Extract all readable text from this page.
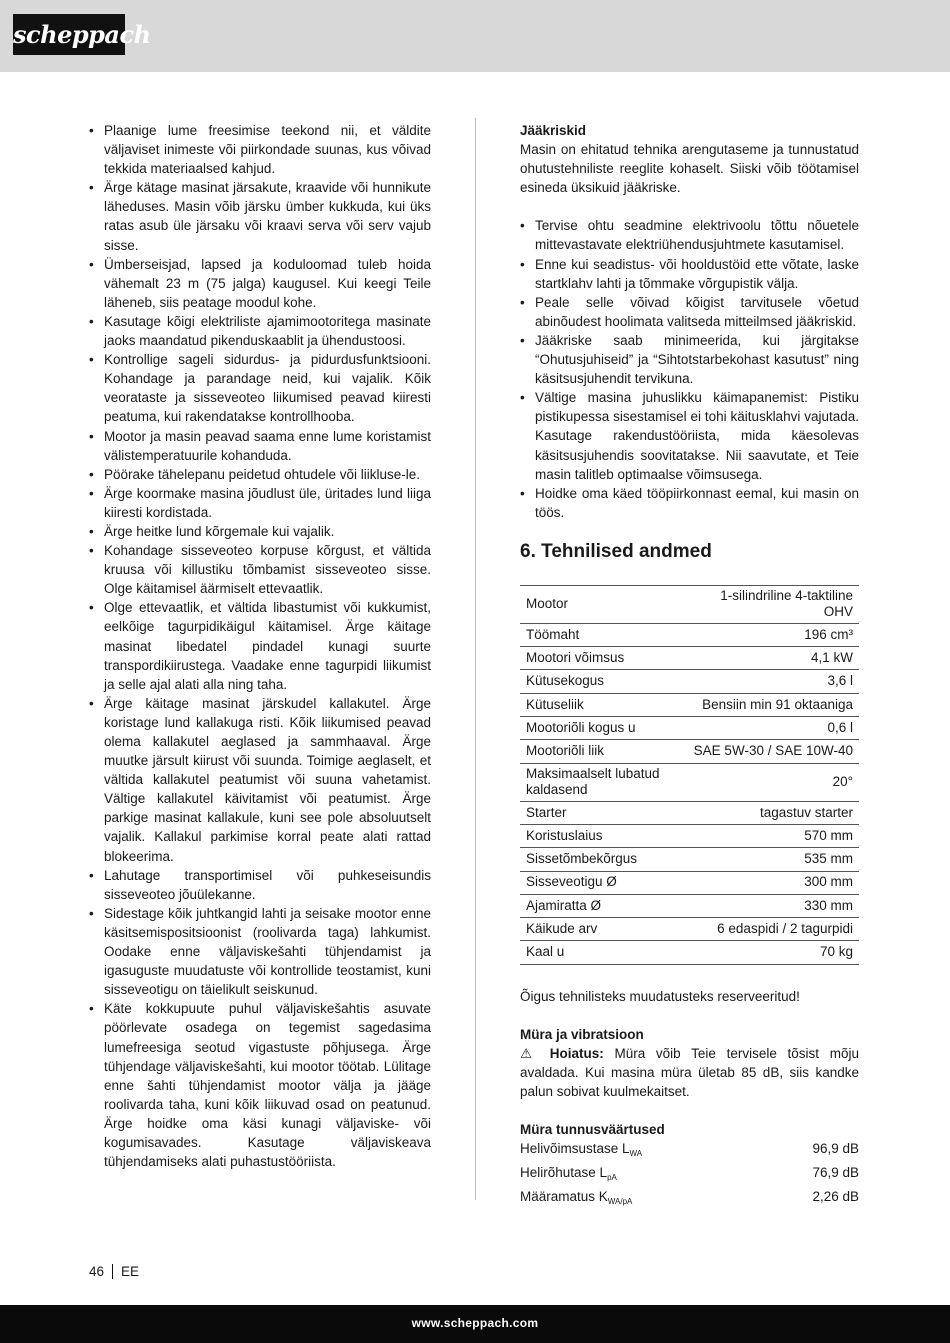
scheppach
• Plaanige lume freesimise teekond nii, et väldite väljaviset inimeste või piirkondade suunas, kus võivad tekkida materiaalsed kahjud.
• Ärge kätage masinat järsakute, kraavide või hunnikute läheduses. Masin võib järsku ümber kukkuda, kui üks ratas asub üle järsaku või kraavi serva või serv vajub sisse.
• Ümberseisjad, lapsed ja koduloomad tuleb hoida vähemalt 23 m (75 jalga) kaugusel. Kui keegi Teile läheneb, siis peatage moodul kohe.
• Kasutage kõigi elektriliste ajamimootoritega masinate jaoks maandatud pikenduskaablit ja ühendustoosi.
• Kontrollige sageli sidurdus- ja pidurdusfunktsiooni. Kohandage ja parandage neid, kui vajalik. Kõik veorataste ja sisseveoteo liikumised peavad kiiresti peatuma, kui rakendatakse kontrollhooba.
• Mootor ja masin peavad saama enne lume koristamist välistemperatuurile kohanduda.
• Pöörake tähelepanu peidetud ohtudele või liikluse-le.
• Ärge koormake masina jõudlust üle, üritades lund liiga kiiresti kordistada.
• Ärge heitke lund kõrgemale kui vajalik.
• Kohandage sisseveoteo korpuse kõrgust, et vältida kruusa või killustiku tõmbamist sisseveoteo sisse. Olge käitamisel äärmiselt ettevaatlik.
• Olge ettevaatlik, et vältida libastumist või kukkumist, eelkõige tagurpidikäigul käitamisel. Ärge käitage masinat libedatel pindadel kunagi suurte transpordikiirustega. Vaadake enne tagurpidi liikumist ja selle ajal alati alla ning taha.
• Ärge käitage masinat järskudel kallakutel. Ärge koristage lund kallakuga risti. Kõik liikumised peavad olema kallakutel aeglased ja sammhaaval. Ärge muutke järsult kiirust või suunda. Toimige aeglaselt, et vältida kallakutel peatumist või suuna vahetamist. Vältige kallakutel käivitamist või peatumist. Ärge parkige masinat kallakule, kuni see pole absoluutselt vajalik. Kallakul parkimise korral peate alati rattad blokeerima.
• Lahutage transportimisel või puhkeseisundis sisseveoteo jõuülekanne.
• Sidestage kõik juhtkangid lahti ja seisake mootor enne käsitsemispositsioonist (roolivarda taga) lahkumist. Oodake enne väljaviskešahti tühjendamist ja igasuguste muudatuste või kontrollide teostamist, kuni sisseveotigu on täielikult seiskunud.
• Käte kokkupuute puhul väljaviskešahtis asuvate pöörlevate osadega on tegemist sagedasima lumefreesiga seotud vigastuste põhjusega. Ärge tühjendage väljaviskešahti, kui mootor töötab. Lülitage enne šahti tühjendamist mootor välja ja jääge roolivarda taha, kuni kõik liikuvad osad on peatunud. Ärge hoidke oma käsi kunagi väljaviske- või kogumisavades. Kasutage väljaviskeava tühjendamiseks alati puhastustööriista.
Jääkriskid
Masin on ehitatud tehnika arengutaseme ja tunnustatud ohutustehniliste reeglite kohaselt. Siiski võib töötamisel esineda üksikuid jääkriske.
• Tervise ohtu seadmine elektrivoolu tõttu nõuetele mittevastavate elektriühendusjuhtmete kasutamisel.
• Enne kui seadistus- või hooldustöid ette võtate, laske startklahv lahti ja tõmmake võrgupistik välja.
• Peale selle võivad kõigist tarvitusele võetud abinõudest hoolimata valitseda mitteilmsed jääkriskid.
• Jääkriske saab minimeerida, kui järgitakse “Ohutusjuhiseid” ja “Sihtotstarbekohast kasutust” ning käsitsusjuhendit tervikuna.
• Vältige masina juhuslikku käimapanemist: Pistiku pistikupessa sisestamisel ei tohi käitusklahvi vajutada. Kasutage rakendustööriista, mida käesolevas käsitsusjuhendis soovitatakse. Nii saavutate, et Teie masin talitleb optimaalse võimsusega.
• Hoidke oma käed tööpiirkonnast eemal, kui masin on töös.
6. Tehnilised andmed
Mootor	1-silindriline 4-taktiline OHV
Töömaht	196 cm³
Mootori võimsus	4,1 kW
Kütusekogus	3,6 l
Kütuseliik	Bensiin min 91 oktaaniga
Mootoriõli kogus u	0,6 l
Mootoriõli liik	SAE 5W-30 / SAE 10W-40
Maksimaalselt lubatud kaldasend	20°
Starter	tagastuv starter
Koristuslaius	570 mm
Sissetõmbekõrgus	535 mm
Sisseveotigu Ø	300 mm
Ajamiratta Ø	330 mm
Käikude arv	6 edaspidi / 2 tagurpidi
Kaal u	70 kg
Õigus tehnilisteks muudatusteks reserveeritud!
Müra ja vibratsioon
⚠ Hoiatus: Müra võib Teie tervisele tõsist mõju avaldada. Kui masina müra ületab 85 dB, siis kandke palun sobivat kuulmekaitset.
Müra tunnusväärtused
Helivõimsustase $L_{WA}$	96,9 dB
Helirõhutase $L_{pA}$	76,9 dB
Määramatus $K_{WA/pA}$	2,26 dB
46 EE
www.scheppach.com
